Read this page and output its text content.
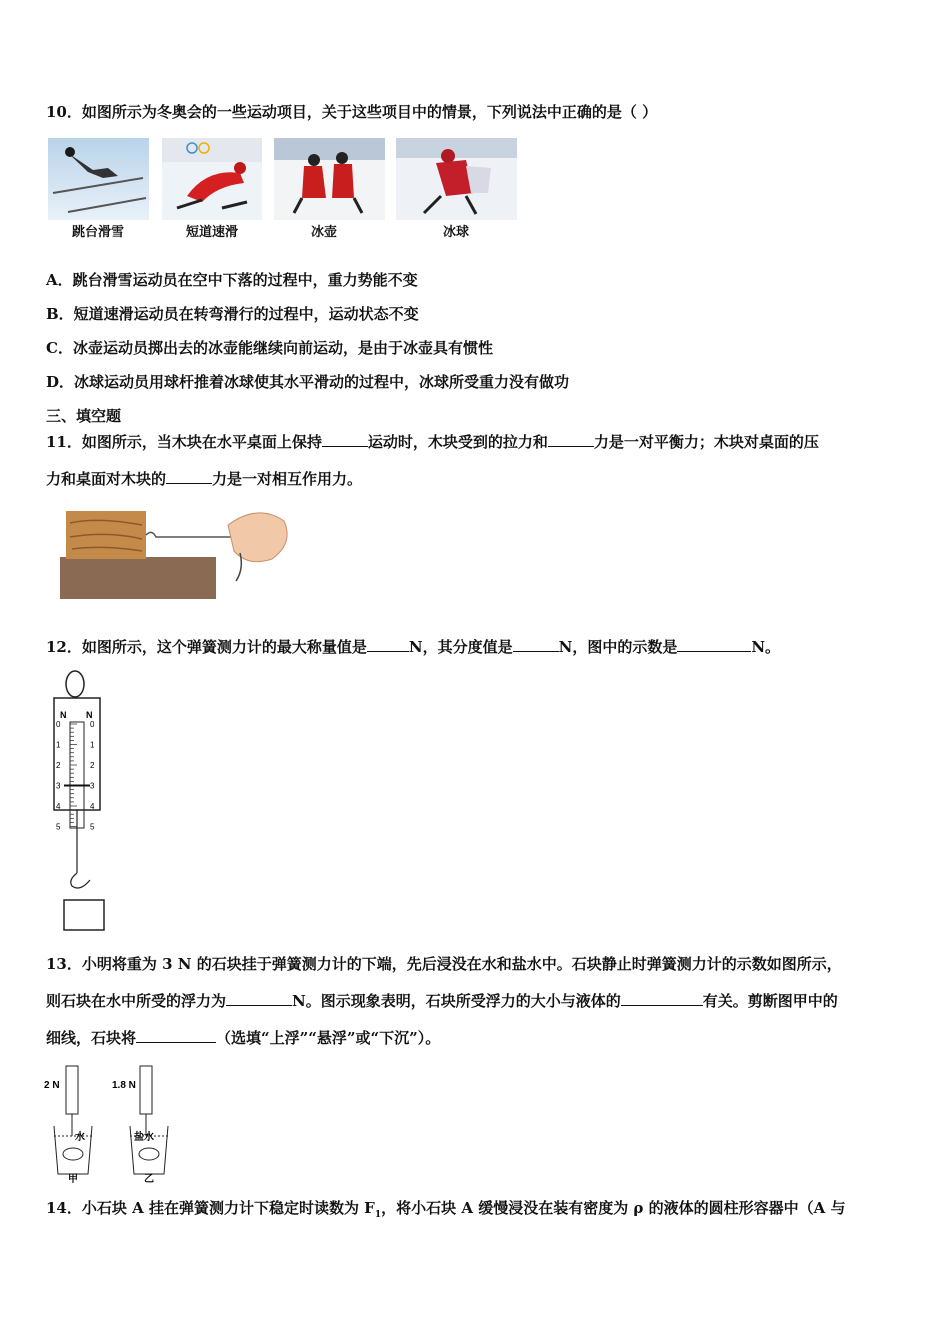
10．如图所示为冬奥会的一些运动项目，关于这些项目中的情景，下列说法中正确的是（ ）
跳台滑雪	短道速滑	冰壶	冰球
A．跳台滑雪运动员在空中下落的过程中，重力势能不变
B．短道速滑运动员在转弯滑行的过程中，运动状态不变
C．冰壶运动员掷出去的冰壶能继续向前运动，是由于冰壶具有惯性
D．冰球运动员用球杆推着冰球使其水平滑动的过程中，冰球所受重力没有做功
三、填空题
11．如图所示，当木块在水平桌面上保持	运动时，木块受到的拉力和	力是一对平衡力；木块对桌面的压
力和桌面对木块的	力是一对相互作用力。
12．如图所示，这个弹簧测力计的最大称量值是	N，其分度值是	N，图中的示数是	N。
N N
0	0
1	1
2	2
3	3
4	4
5	5
13．小明将重为 3 N 的石块挂于弹簧测力计的下端，先后浸没在水和盐水中。石块静止时弹簧测力计的示数如图所示，
则石块在水中所受的浮力为	N。图示现象表明，石块所受浮力的大小与液体的	有关。剪断图甲中的
细线，石块将	（选填“上浮”“悬浮”或“下沉”）。
2 N
水
甲
1.8 N
盐水
乙
14．小石块 A 挂在弹簧测力计下稳定时读数为 $F_1$，将小石块 A 缓慢浸没在装有密度为 ρ 的液体的圆柱形容器中（A 与
